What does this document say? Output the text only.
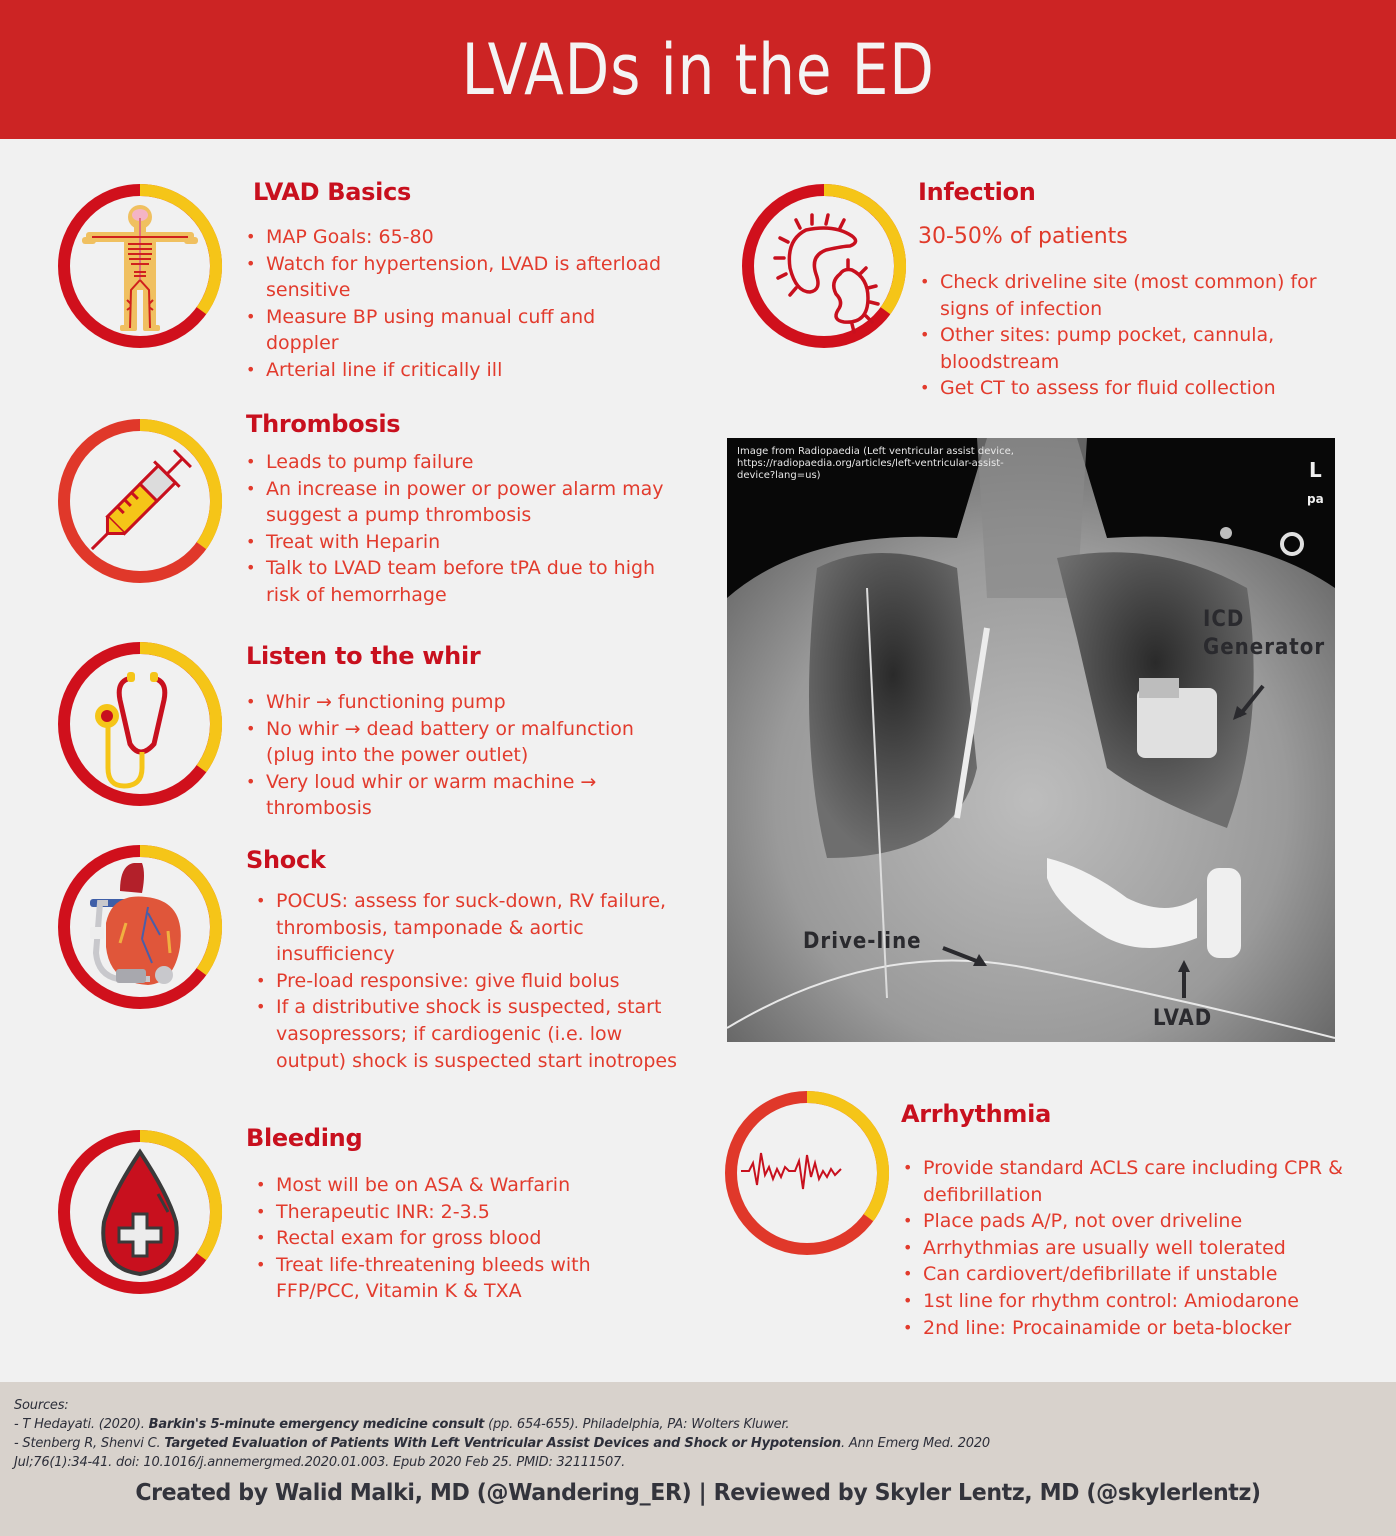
LVADs in the ED
LVAD Basics
• MAP Goals: 65-80
• Watch for hypertension, LVAD is afterload sensitive
• Measure BP using manual cuff and doppler
• Arterial line if critically ill
Thrombosis
• Leads to pump failure
• An increase in power or power alarm may suggest a pump thrombosis
• Treat with Heparin
• Talk to LVAD team before tPA due to high risk of hemorrhage
Listen to the whir
• Whir → functioning pump
• No whir → dead battery or malfunction (plug into the power outlet)
• Very loud whir or warm machine → thrombosis
Shock
• POCUS: assess for suck-down, RV failure, thrombosis, tamponade & aortic insufficiency
• Pre-load responsive: give fluid bolus
• If a distributive shock is suspected, start vasopressors; if cardiogenic (i.e. low output) shock is suspected start inotropes
Bleeding
• Most will be on ASA & Warfarin
• Therapeutic INR: 2-3.5
• Rectal exam for gross blood
• Treat life-threatening bleeds with FFP/PCC, Vitamin K & TXA
Infection
30-50% of patients
• Check driveline site (most common) for signs of infection
• Other sites: pump pocket, cannula, bloodstream
• Get CT to assess for fluid collection
Image from Radiopaedia (Left ventricular assist device, https://radiopaedia.org/articles/left-ventricular-assist-device?lang=us)	L
pa
ICD
Generator
Drive-line
LVAD
Arrhythmia
• Provide standard ACLS care including CPR & defibrillation
• Place pads A/P, not over driveline
• Arrhythmias are usually well tolerated
• Can cardiovert/defibrillate if unstable
• 1st line for rhythm control: Amiodarone
• 2nd line: Procainamide or beta-blocker
Sources:
- T Hedayati. (2020). Barkin's 5-minute emergency medicine consult (pp. 654-655). Philadelphia, PA: Wolters Kluwer.
- Stenberg R, Shenvi C. Targeted Evaluation of Patients With Left Ventricular Assist Devices and Shock or Hypotension. Ann Emerg Med. 2020
Jul;76(1):34-41. doi: 10.1016/j.annemergmed.2020.01.003. Epub 2020 Feb 25. PMID: 32111507.
Created by Walid Malki, MD (@Wandering_ER) | Reviewed by Skyler Lentz, MD (@skylerlentz)
